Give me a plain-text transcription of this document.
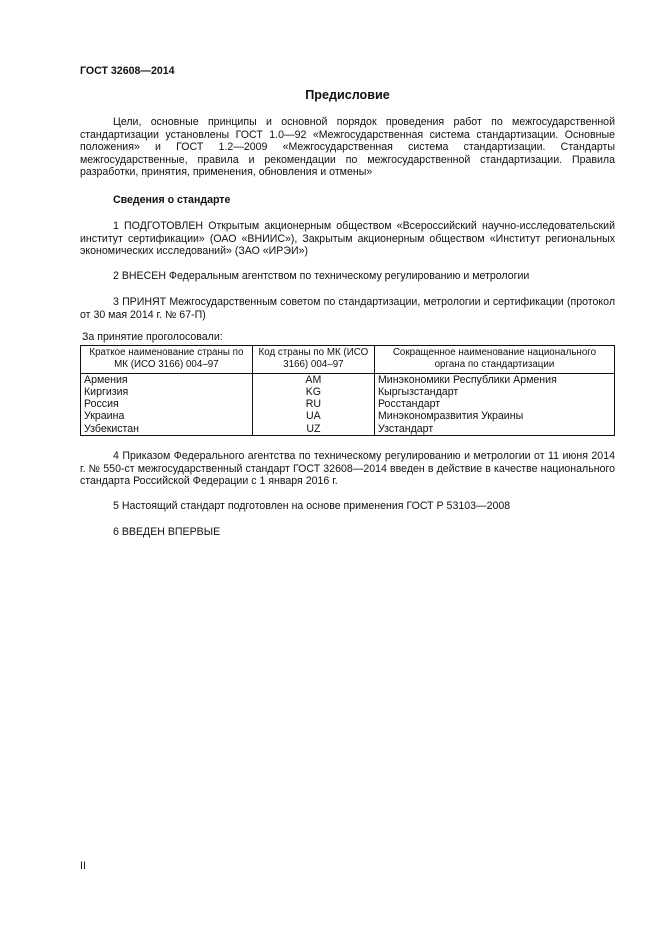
ГОСТ 32608—2014
Предисловие

Цели, основные принципы и основной порядок проведения работ по межгосударственной стандартизации установлены ГОСТ 1.0—92 «Межгосударственная система стандартизации. Основные положения» и ГОСТ 1.2—2009 «Межгосударственная система стандартизации. Стандарты межгосударственные, правила и рекомендации по межгосударственной стандартизации. Правила разработки, принятия, применения, обновления и отмены»

Сведения о стандарте

1 ПОДГОТОВЛЕН Открытым акционерным обществом «Всероссийский научно-исследовательский институт сертификации» (ОАО «ВНИИС»), Закрытым акционерным обществом «Институт региональных экономических исследований» (ЗАО «ИРЭИ»)

2 ВНЕСЕН Федеральным агентством по техническому регулированию и метрологии

3 ПРИНЯТ Межгосударственным советом по стандартизации, метрологии и сертификации (протокол от 30 мая 2014 г. № 67-П)

За принятие проголосовали:
Краткое наименование страны по МК (ИСО 3166) 004–97	Код страны по МК (ИСО 3166) 004–97	Сокращенное наименование национального органа по стандартизации
Армения	AM	Минэкономики Республики Армения
Киргизия	KG	Кыргызстандарт
Россия	RU	Росстандарт
Украина	UA	Минэкономразвития Украины
Узбекистан	UZ	Узстандарт

4 Приказом Федерального агентства по техническому регулированию и метрологии от 11 июня 2014 г. № 550-ст межгосударственный стандарт ГОСТ 32608—2014 введен в действие в качестве национального стандарта Российской Федерации с 1 января 2016 г.

5 Настоящий стандарт подготовлен на основе применения ГОСТ Р 53103—2008

6 ВВЕДЕН ВПЕРВЫЕ

II
